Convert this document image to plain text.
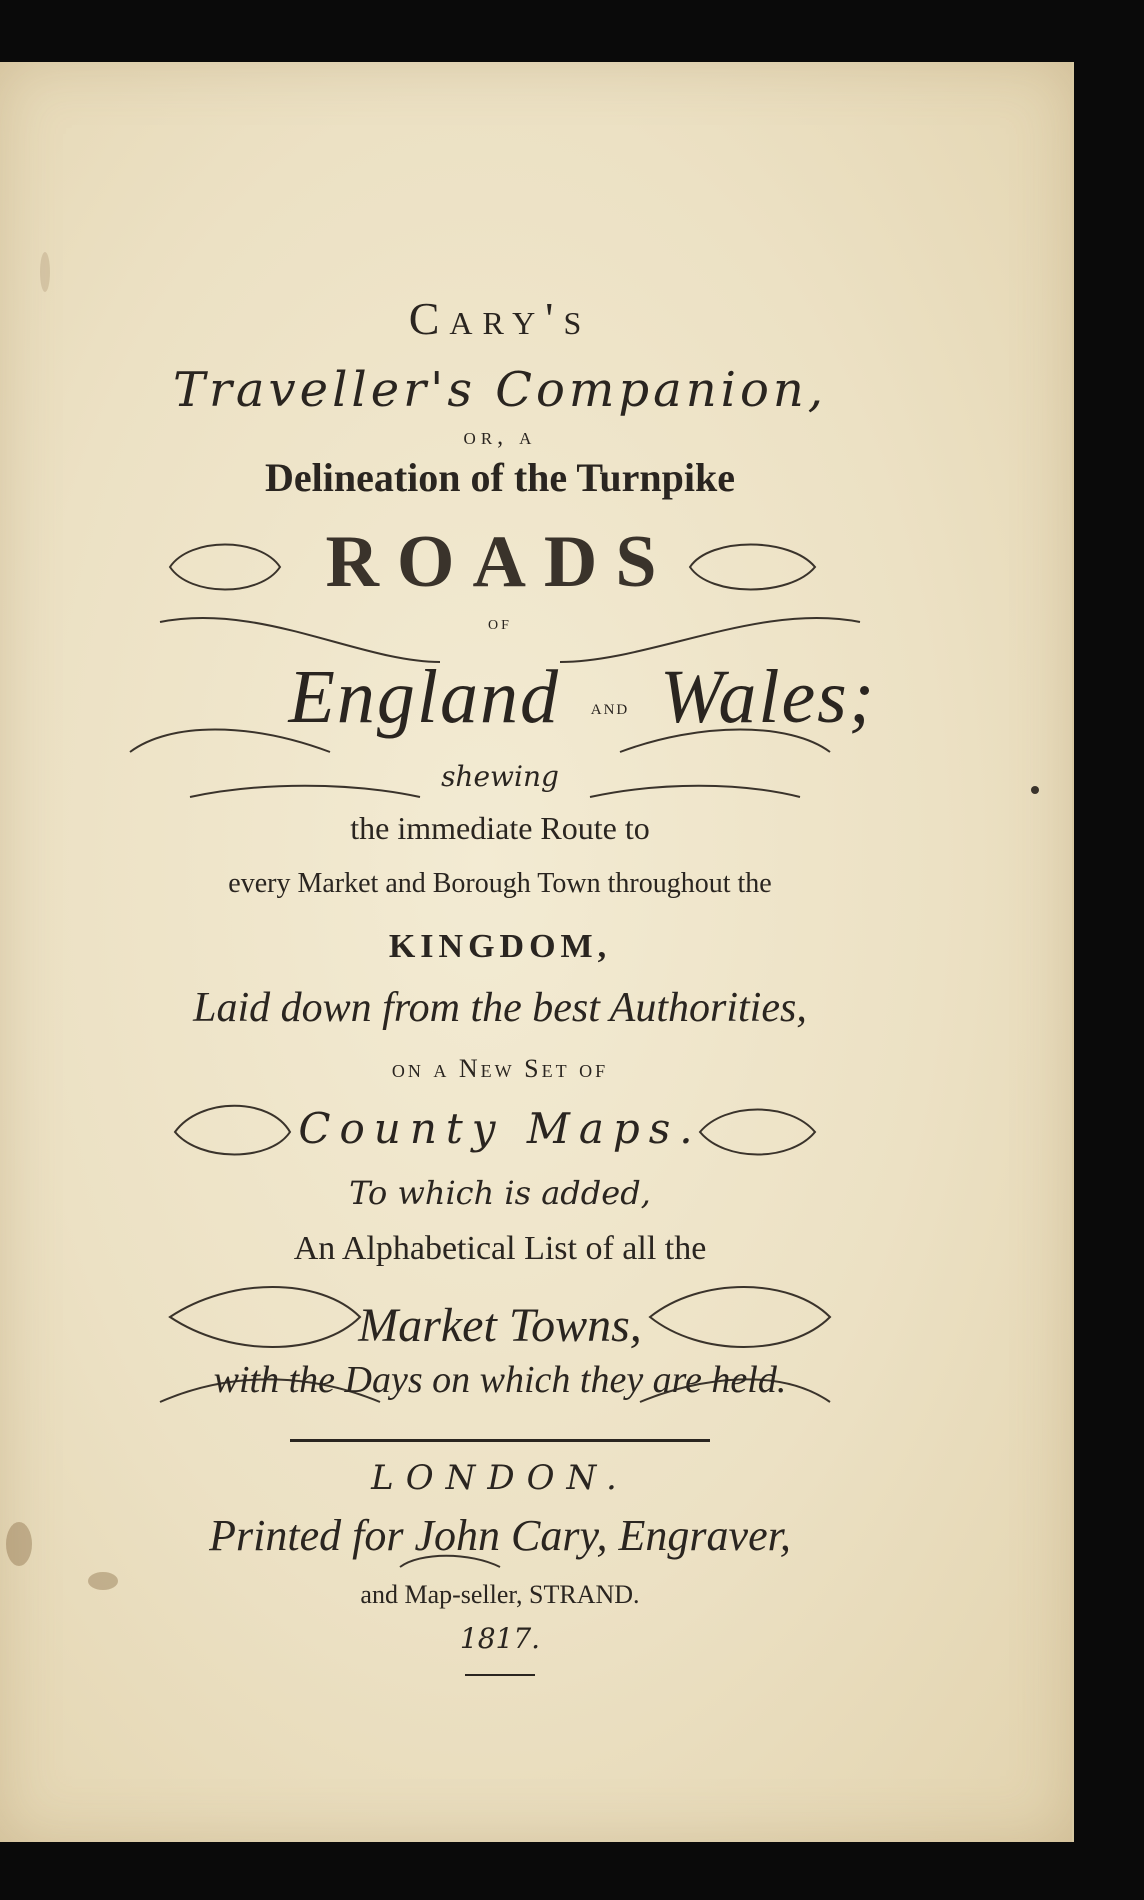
Cary's
Traveller's Companion,
or, a
Delineation of the Turnpike
ROADS
of
England	and Wales;
shewing
the immediate Route to
every Market and Borough Town throughout the
KINGDOM,
Laid down from the best Authorities,
on a New Set of
County Maps.
To which is added,
An Alphabetical List of all the
Market Towns,
with the Days on which they are held.
LONDON.
Printed for John Cary, Engraver,
and Map-seller, STRAND.
1817.
